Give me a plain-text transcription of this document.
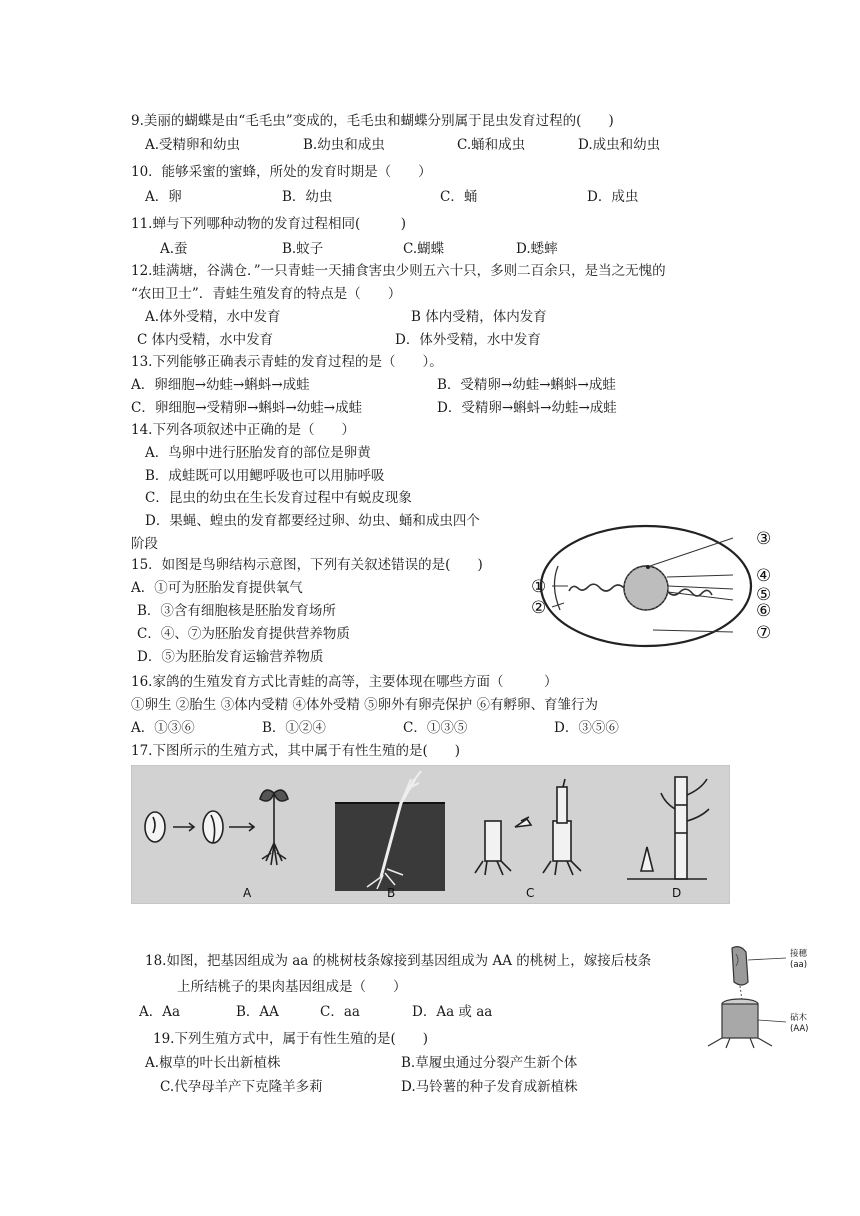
9.美丽的蝴蝶是由“毛毛虫”变成的，毛毛虫和蝴蝶分别属于昆虫发育过程的(　　)
A.受精卵和幼虫	B.幼虫和成虫	C.蛹和成虫	D.成虫和幼虫
10．能够采蜜的蜜蜂，所处的发育时期是（　　）
A．卵	B．幼虫	C．蛹	D．成虫
11.蝉与下列哪种动物的发育过程相同(　　　)
A.蚕	B.蚊子	C.蝴蝶	D.蟋蟀
12.蛙满塘，谷满仓．”一只青蛙一天捕食害虫少则五六十只，多则二百余只，是当之无愧的
“农田卫士”．青蛙生殖发育的特点是（　　）
A.体外受精，水中发育	B 体内受精，体内发育
C 体内受精，水中发育	D．体外受精，水中发育
13.下列能够正确表示青蛙的发育过程的是（　　）。
A．卵细胞→幼蛙→蝌蚪→成蛙	B．受精卵→幼蛙→蝌蚪→成蛙
C．卵细胞→受精卵→蝌蚪→幼蛙→成蛙	D．受精卵→蝌蚪→幼蛙→成蛙
14.下列各项叙述中正确的是（　　）
A．鸟卵中进行胚胎发育的部位是卵黄
B．成蛙既可以用鳃呼吸也可以用肺呼吸
C．昆虫的幼虫在生长发育过程中有蜕皮现象
D．果蝇、蝗虫的发育都要经过卵、幼虫、蛹和成虫四个
阶段
15．如图是鸟卵结构示意图，下列有关叙述错误的是(　　)
A．①可为胚胎发育提供氧气
B．③含有细胞核是胚胎发育场所
C．④、⑦为胚胎发育提供营养物质
D．⑤为胚胎发育运输营养物质
①
②
③
④
⑤
⑥
⑦
16.家鸽的生殖发育方式比青蛙的高等，主要体现在哪些方面（　　　）
①卵生 ②胎生 ③体内受精 ④体外受精 ⑤卵外有卵壳保护 ⑥有孵卵、育雏行为
A．①③⑥	B．①②④	C．①③⑤	D．③⑤⑥
17.下图所示的生殖方式，其中属于有性生殖的是(　　)
A	B	C	D
18.如图，把基因组成为 aa 的桃树枝条嫁接到基因组成为 AA 的桃树上，嫁接后枝条
上所结桃子的果肉基因组成是（　　）
A．Aa	B．AA	C．aa	D．Aa 或 aa
接穗
(aa)
砧木
(AA)
19.下列生殖方式中，属于有性生殖的是(　　)
A.椒草的叶长出新植株	B.草履虫通过分裂产生新个体
C.代孕母羊产下克隆羊多莉	D.马铃薯的种子发育成新植株
